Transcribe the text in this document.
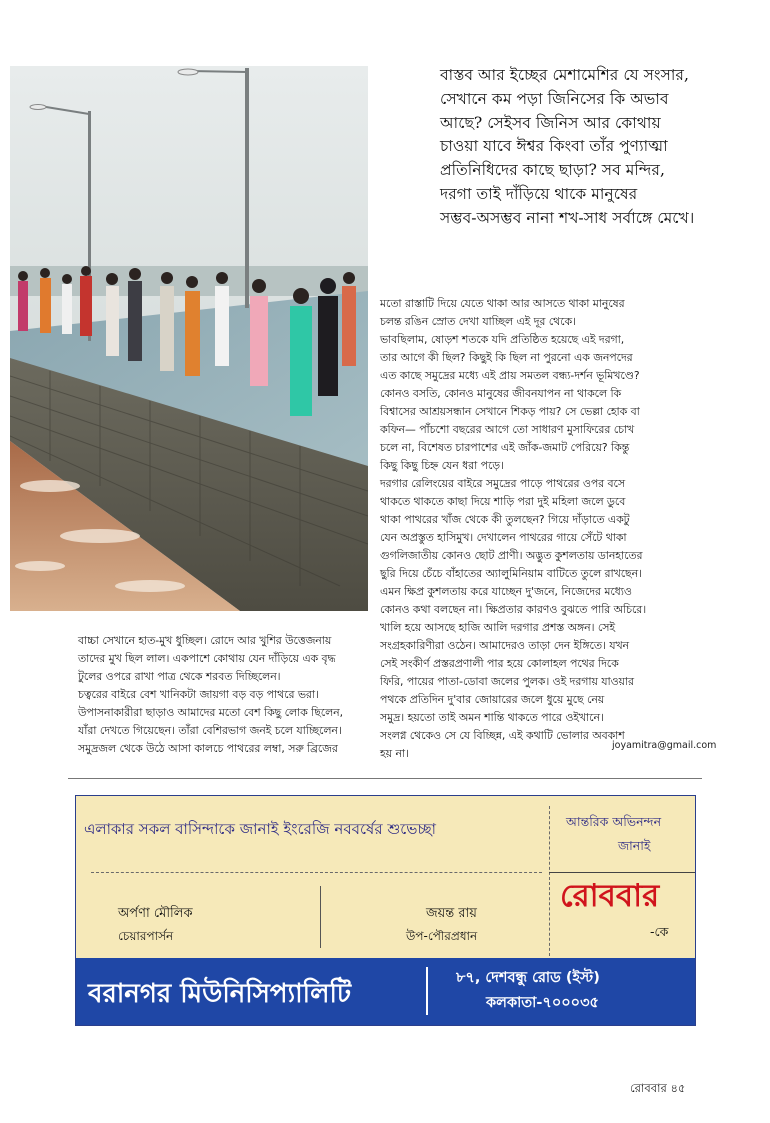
বাস্তব আর ইচ্ছের মেশামেশির যে সংসার,
সেখানে কম পড়া জিনিসের কি অভাব
আছে? সেইসব জিনিস আর কোথায়
চাওয়া যাবে ঈশ্বর কিংবা তাঁর পুণ্যাত্মা
প্রতিনিধিদের কাছে ছাড়া? সব মন্দির,
দরগা তাই দাঁড়িয়ে থাকে মানুষের
সম্ভব-অসম্ভব নানা শখ-সাধ সর্বাঙ্গে মেখে।
মতো রাস্তাটি দিয়ে যেতে থাকা আর আসতে থাকা মানুষের
চলন্ত রঙিন স্রোত দেখা যাচ্ছিল এই দূর থেকে।
ভাবছিলাম, ষোড়শ শতকে যদি প্রতিষ্ঠিত হয়েছে এই দরগা,
তার আগে কী ছিল? কিছুই কি ছিল না পুরনো এক জনপদের
এত কাছে সমুদ্রের মধ্যে এই প্রায় সমতল বন্ধ্য-দর্শন ভূমিখণ্ডে?
কোনও বসতি, কোনও মানুষের জীবনযাপন না থাকলে কি
বিশ্বাসের আশ্রয়সন্ধান সেখানে শিকড় পায়? সে ভেল্লা হোক বা
কফিন— পাঁচশো বছরের আগে তো সাধারণ মুসাফিরের চোখ
চলে না, বিশেষত চারপাশের এই জাঁক-জমাট পেরিয়ে? কিন্তু
কিছু কিছু চিহ্ন যেন ধরা পড়ে।
দরগার রেলিংয়ের বাইরে সমুদ্রের পাড়ে পাথরের ওপর বসে
থাকতে থাকতে কাছা দিয়ে শাড়ি পরা দুই মহিলা জলে ডুবে
থাকা পাথরের খাঁজ থেকে কী তুলছেন? গিয়ে দাঁড়াতে একটু
যেন অপ্রস্তুত হাসিমুখ। দেখালেন পাথরের গায়ে সেঁটে থাকা
গুগলিজাতীয় কোনও ছোট প্রাণী। অদ্ভুত কুশলতায় ডানহাতের
ছুরি দিয়ে চেঁচে বাঁহাতের অ্যালুমিনিয়াম বাটিতে তুলে রাখছেন।
এমন ক্ষিপ্র কুশলতায় করে যাচ্ছেন দু'জনে, নিজেদের মধ্যেও
কোনও কথা বলছেন না। ক্ষিপ্রতার কারণও বুঝতে পারি অচিরে।
খালি হয়ে আসছে হাজি আলি দরগার প্রশস্ত অঙ্গন। সেই
সংগ্রহকারিণীরা ওঠেন। আমাদেরও তাড়া দেন ইঙ্গিতে। যখন
সেই সংকীর্ণ প্রস্তরপ্রণালী পার হয়ে কোলাহল পথের দিকে
ফিরি, পায়ের পাতা-ডোবা জলের পুলক। ওই দরগায় যাওয়ার
পথকে প্রতিদিন দু'বার জোয়ারের জলে ধুয়ে মুছে নেয়
সমুদ্র। হয়তো তাই অমন শান্তি থাকতে পারে ওইখানে।
সংলগ্ন থেকেও সে যে বিচ্ছিন্ন, এই কথাটি ভোলার অবকাশ
হয় না।
বাচ্চা সেখানে হাত-মুখ ধুচ্ছিল। রোদে আর খুশির উত্তেজনায়
তাদের মুখ ছিল লাল। একপাশে কোথায় যেন দাঁড়িয়ে এক বৃদ্ধ
টুলের ওপরে রাখা পাত্র থেকে শরবত দিচ্ছিলেন।
চত্বরের বাইরে বেশ খানিকটা জায়গা বড় বড় পাথরে ভরা।
উপাসনাকারীরা ছাড়াও আমাদের মতো বেশ কিছু লোক ছিলেন,
যাঁরা দেখতে গিয়েছেন। তাঁরা বেশিরভাগ জনই চলে যাচ্ছিলেন।
সমুদ্রজল থেকে উঠে আসা কালচে পাথরের লম্বা, সরু ব্রিজের	joyamitra@gmail.com
এলাকার সকল বাসিন্দাকে জানাই ইংরেজি নববর্ষের শুভেচ্ছা	আন্তরিক অভিনন্দন
জানাই
রোববার
-কে
অর্পণা মৌলিক
চেয়ারপার্সন
জয়ন্ত রায়
উপ-পৌরপ্রধান
বরানগর মিউনিসিপ্যালিটি
৮৭, দেশবন্ধু রোড (ইস্ট)
কলকাতা-৭০০০৩৫
রোববার ৪৫
